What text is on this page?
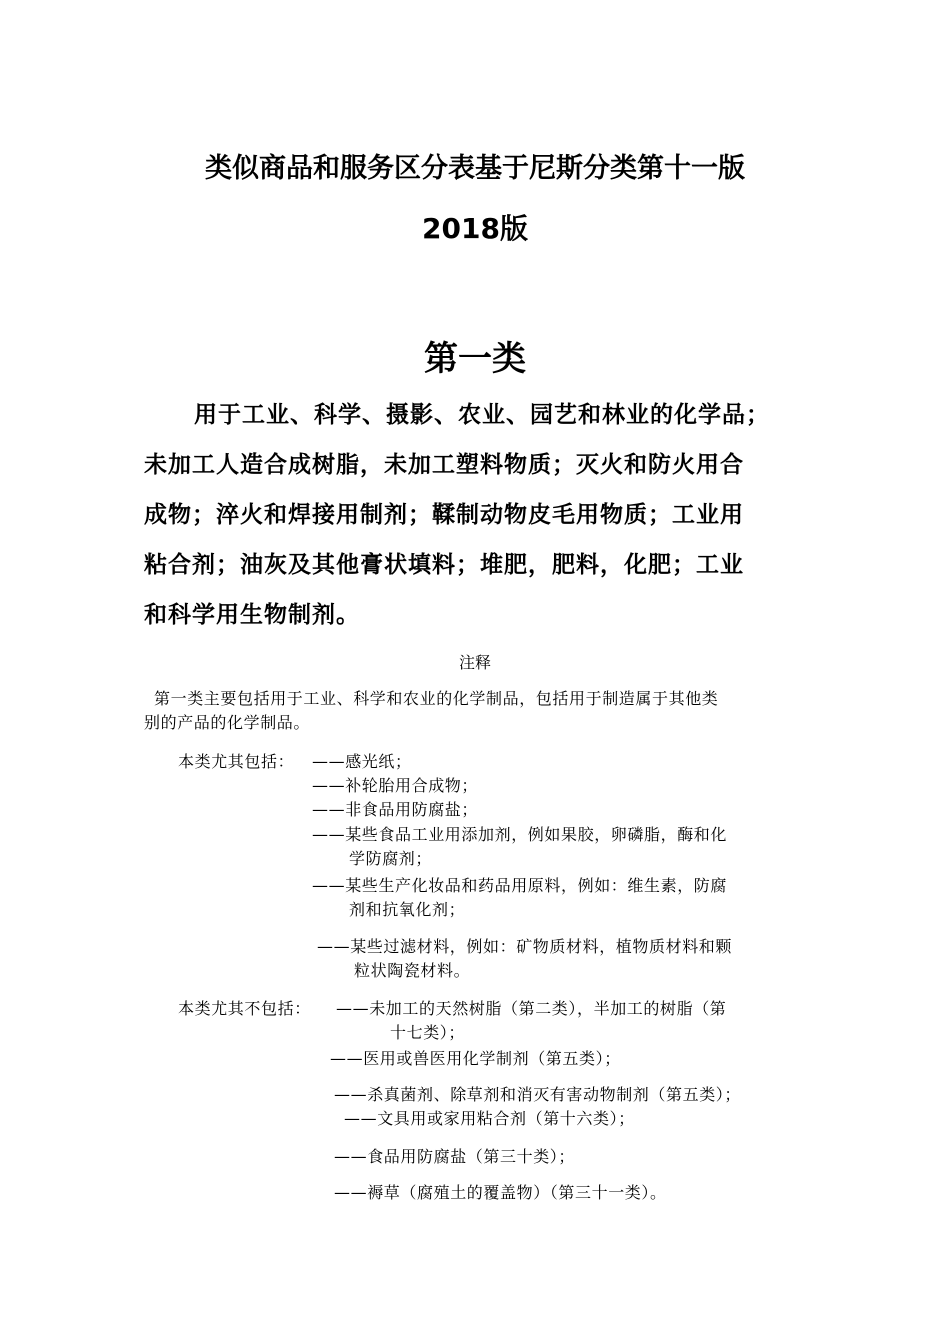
类似商品和服务区分表基于尼斯分类第十一版
2018版
第一类
用于工业、科学、摄影、农业、园艺和林业的化学品；
未加工人造合成树脂，未加工塑料物质；灭火和防火用合
成物；淬火和焊接用制剂；鞣制动物皮毛用物质；工业用
粘合剂；油灰及其他膏状填料；堆肥，肥料，化肥；工业
和科学用生物制剂。
注释
第一类主要包括用于工业、科学和农业的化学制品，包括用于制造属于其他类
别的产品的化学制品。
本类尤其包括： ——感光纸；
——补轮胎用合成物；
——非食品用防腐盐；
——某些食品工业用添加剂，例如果胶，卵磷脂，酶和化
学防腐剂；
——某些生产化妆品和药品用原料，例如：维生素，防腐
剂和抗氧化剂；
——某些过滤材料，例如：矿物质材料，植物质材料和颗
粒状陶瓷材料。
本类尤其不包括： ——未加工的天然树脂（第二类），半加工的树脂（第
十七类）；
——医用或兽医用化学制剂（第五类）；
——杀真菌剂、除草剂和消灭有害动物制剂（第五类）；
——文具用或家用粘合剂（第十六类）；
——食品用防腐盐（第三十类）；
——褥草（腐殖土的覆盖物）（第三十一类）。
